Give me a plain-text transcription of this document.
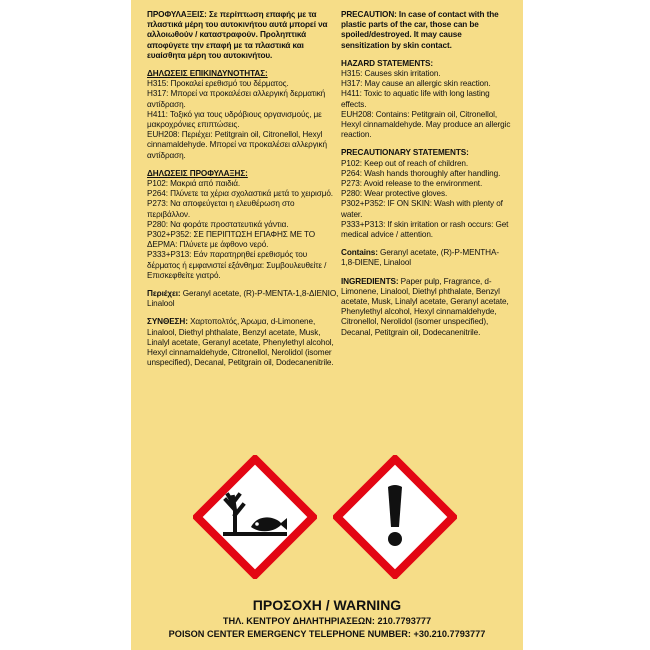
ΠΡΟΦΥΛΑΞΕΙΣ: Σε περίπτωση επαφής με τα πλαστικά μέρη του αυτοκινήτου αυτά μπορεί να αλλοιωθούν / καταστραφούν. Προληπτικά αποφύγετε την επαφή με τα πλαστικά και ευαίσθητα μέρη του αυτοκινήτου.
ΔΗΛΩΣΕΙΣ ΕΠΙΚΙΝΔΥΝΟΤΗΤΑΣ:
H315: Προκαλεί ερεθισμό του δέρματος.
H317: Μπορεί να προκαλέσει αλλεργική δερματική αντίδραση.
H411: Τοξικό για τους υδρόβιους οργανισμούς, με μακροχρόνιες επιπτώσεις.
EUH208: Περιέχει: Petitgrain oil, Citronellol, Hexyl cinnamaldehyde. Μπορεί να προκαλέσει αλλεργική αντίδραση.
ΔΗΛΩΣΕΙΣ ΠΡΟΦΥΛΑΞΗΣ:
P102: Μακριά από παιδιά.
P264: Πλύνετε τα χέρια σχολαστικά μετά το χειρισμό.
P273: Να αποφεύγεται η ελευθέρωση στο περιβάλλον.
P280: Να φοράτε προστατευτικά γάντια.
P302+P352: ΣΕ ΠΕΡΙΠΤΩΣΗ ΕΠΑΦΗΣ ΜΕ ΤΟ ΔΕΡΜΑ: Πλύνετε με άφθονο νερό.
P333+P313: Εάν παρατηρηθεί ερεθισμός του δέρματος ή εμφανιστεί εξάνθημα: Συμβουλευθείτε / Επισκεφθείτε γιατρό.
Περιέχει: Geranyl acetate, (R)-P-MENTA-1,8-ΔΙΕΝΙΟ, Linalool
ΣΥΝΘΕΣΗ: Χαρτοπολτός, Άρωμα, d-Limonene, Linalool, Diethyl phthalate, Benzyl acetate, Musk, Linalyl acetate, Geranyl acetate, Phenylethyl alcohol, Hexyl cinnamaldehyde, Citronellol, Nerolidol (isomer unspecified), Decanal, Petitgrain oil, Dodecanenitrile.
PRECAUTION: In case of contact with the plastic parts of the car, those can be spoiled/destroyed. It may cause sensitization by skin contact.
HAZARD STATEMENTS:
H315: Causes skin irritation.
H317: May cause an allergic skin reaction.
H411: Toxic to aquatic life with long lasting effects.
EUH208: Contains: Petitgrain oil, Citronellol, Hexyl cinnamaldehyde. May produce an allergic reaction.
PRECAUTIONARY STATEMENTS:
P102: Keep out of reach of children.
P264: Wash hands thoroughly after handling.
P273: Avoid release to the environment.
P280: Wear protective gloves.
P302+P352: IF ON SKIN: Wash with plenty of water.
P333+P313: If skin irritation or rash occurs: Get medical advice / attention.
Contains: Geranyl acetate, (R)-P-MENTHA-1,8-DIENE, Linalool
INGREDIENTS: Paper pulp, Fragrance, d-Limonene, Linalool, Diethyl phthalate, Benzyl acetate, Musk, Linalyl acetate, Geranyl acetate, Phenylethyl alcohol, Hexyl cinnamaldehyde, Citronellol, Nerolidol (isomer unspecified), Decanal, Petitgrain oil, Dodecanenitrile.
ΠΡΟΣΟΧΗ / WARNING
ΤΗΛ. ΚΕΝΤΡΟΥ ΔΗΛΗΤΗΡΙΑΣΕΩΝ: 210.7793777
POISON CENTER EMERGENCY TELEPHONE NUMBER: +30.210.7793777
